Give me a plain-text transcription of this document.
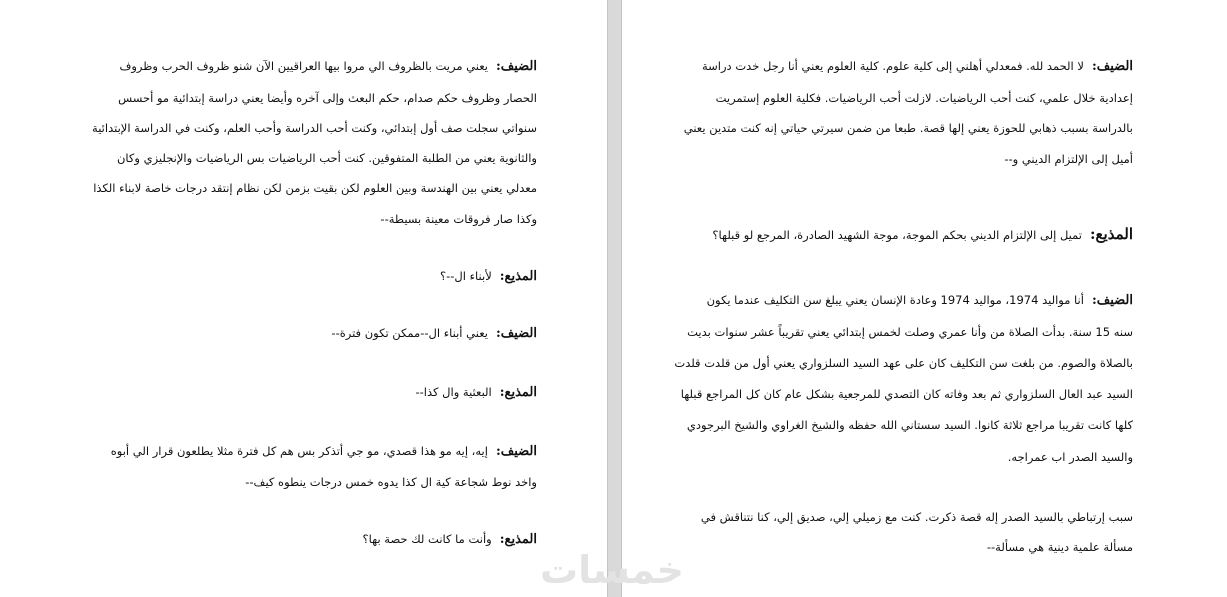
الضيف:يعني مريت بالظروف الي مروا بيها العراقيين الآن شنو ظروف الحرب وظروف
الحصار وظروف حكم صدام، حكم البعث وإلى آخره وأيضا يعني دراسة إبتدائية مو أحسس
سنواتي سجلت صف أول إبتدائي، وكنت أحب الدراسة وأحب العلم، وكنت في الدراسة الإبتدائية
والثانوية يعني من الطلبة المتفوقين. كنت أحب الرياضيات بس الرياضيات والإنجليزي وكان
معدلي يعني بين الهندسة وبين العلوم لكن بقيت بزمن لكن نظام إنتقد درجات خاصة لابناء الكذا
وكذا صار فروقات معينة بسيطة--
المذيع:لأبناء ال--؟
الضيف:يعني أبناء ال--ممكن تكون فترة--
المذيع:البعثية وال كذا--
الضيف:إيه، إيه مو هذا قصدي، مو جي أتذكر بس هم كل فترة مثلا يطلعون قرار الي أبوه
واخد نوط شجاعة كية ال كذا يدوه خمس درجات ينطوه كيف--
المذيع:وأنت ما كانت لك حصة بها؟
الضيف:لا الحمد لله. فمعدلي أهلني إلى كلية علوم. كلية العلوم يعني أنا رجل خدت دراسة
إعدادية خلال علمي، كنت أحب الرياضيات. لازلت أحب الرياضيات. فكلية العلوم إستمريت
بالدراسة بسبب ذهابي للحوزة يعني إلها قصة. طبعا من ضمن سيرتي حياتي إنه كنت متدين يعني
أميل إلى الإلتزام الديني و--
المذيع:تميل إلى الإلتزام الديني بحكم الموجة، موجة الشهيد الصادرة، المرجع لو قبلها؟
الضيف:أنا مواليد 1974، مواليد 1974 وعادة الإنسان يعني يبلغ سن التكليف عندما يكون
سنه 15 سنة. بدأت الصلاة من وأنا عمري وصلت لخمس إبتدائي يعني تقريباً عشر سنوات بديت
بالصلاة والصوم. من بلغت سن التكليف كان على عهد السيد السلزواري يعني أول من قلدت قلدت
السيد عبد العال السلزواري ثم بعد وفاته كان التصدي للمرجعية بشكل عام كان كل المراجع قبلها
كلها كانت تقريبا مراجع ثلاثة كانوا. السيد سستاني الله حفظه والشيخ الغراوي والشيخ البرجودي
والسيد الصدر اب عمراجه.
سبب إرتباطي بالسيد الصدر إله قصة ذكرت. كنت مع زميلي إلي، صديق إلي، كنا نتناقش في
مسألة علمية دينية هي مسألة--
خمسات
